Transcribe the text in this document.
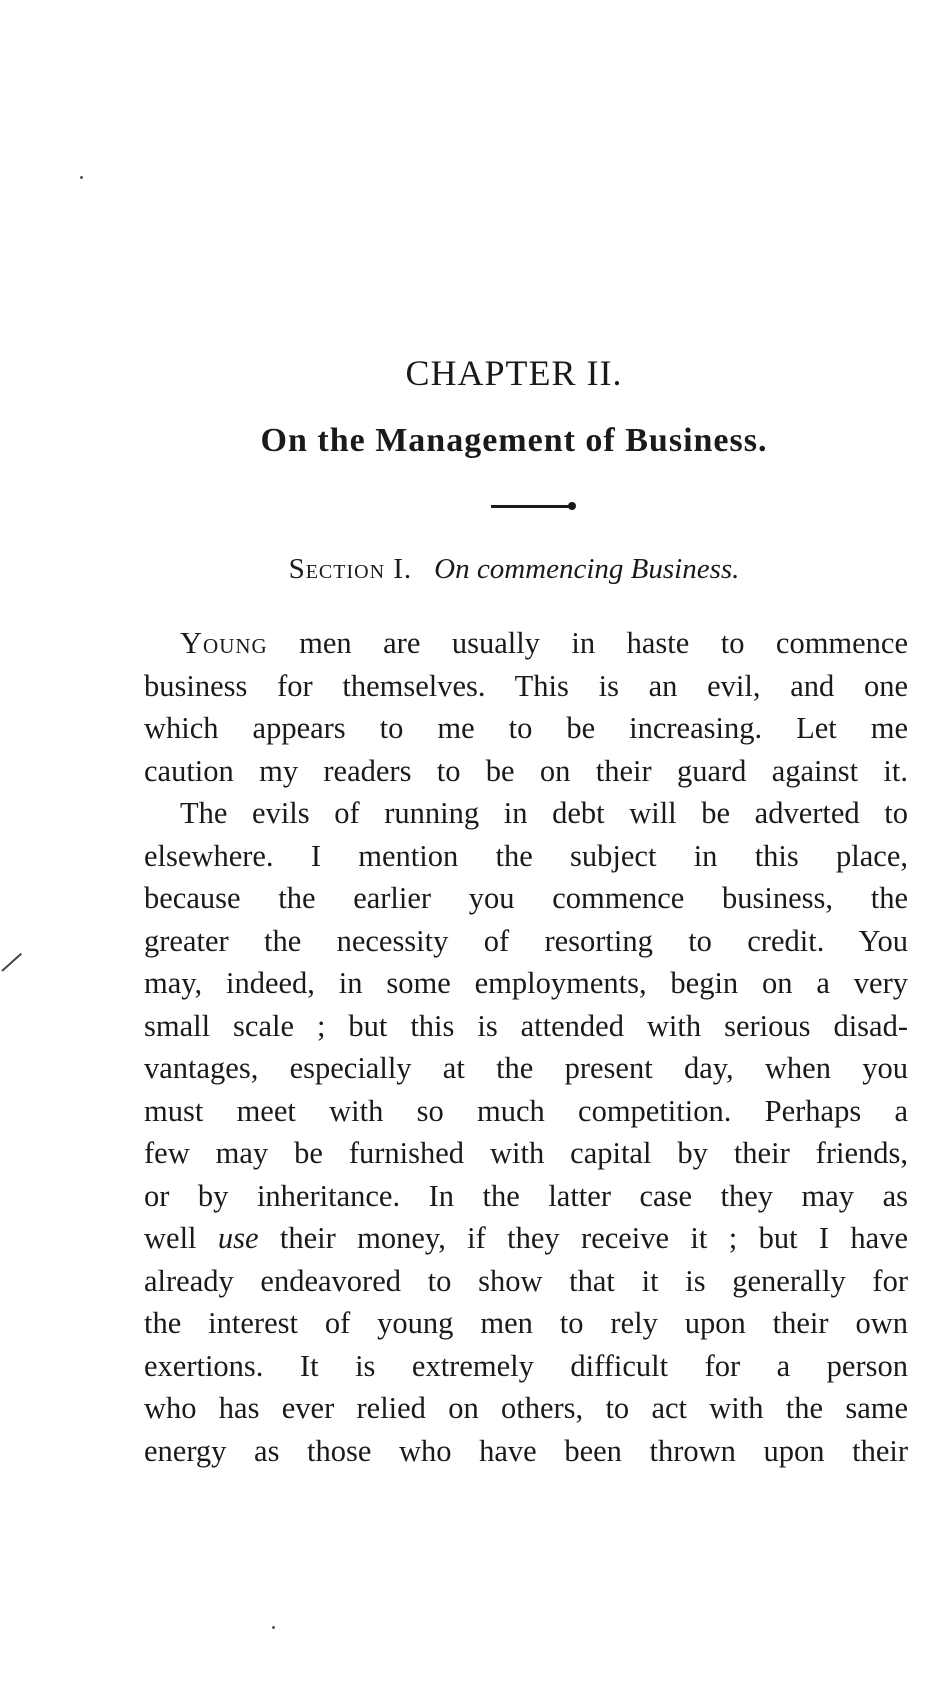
CHAPTER II.
On the Management of Business.
Section I. On commencing Business.

Young men are usually in haste to commence
business for themselves. This is an evil, and one
which appears to me to be increasing. Let me
caution my readers to be on their guard against it.

The evils of running in debt will be adverted to
elsewhere. I mention the subject in this place,
because the earlier you commence business, the
greater the necessity of resorting to credit. You
may, indeed, in some employments, begin on a very
small scale ; but this is attended with serious disad-
vantages, especially at the present day, when you
must meet with so much competition. Perhaps a
few may be furnished with capital by their friends,
or by inheritance. In the latter case they may as
well use their money, if they receive it ; but I have
already endeavored to show that it is generally for
the interest of young men to rely upon their own
exertions. It is extremely difficult for a person
who has ever relied on others, to act with the same
energy as those who have been thrown upon their
